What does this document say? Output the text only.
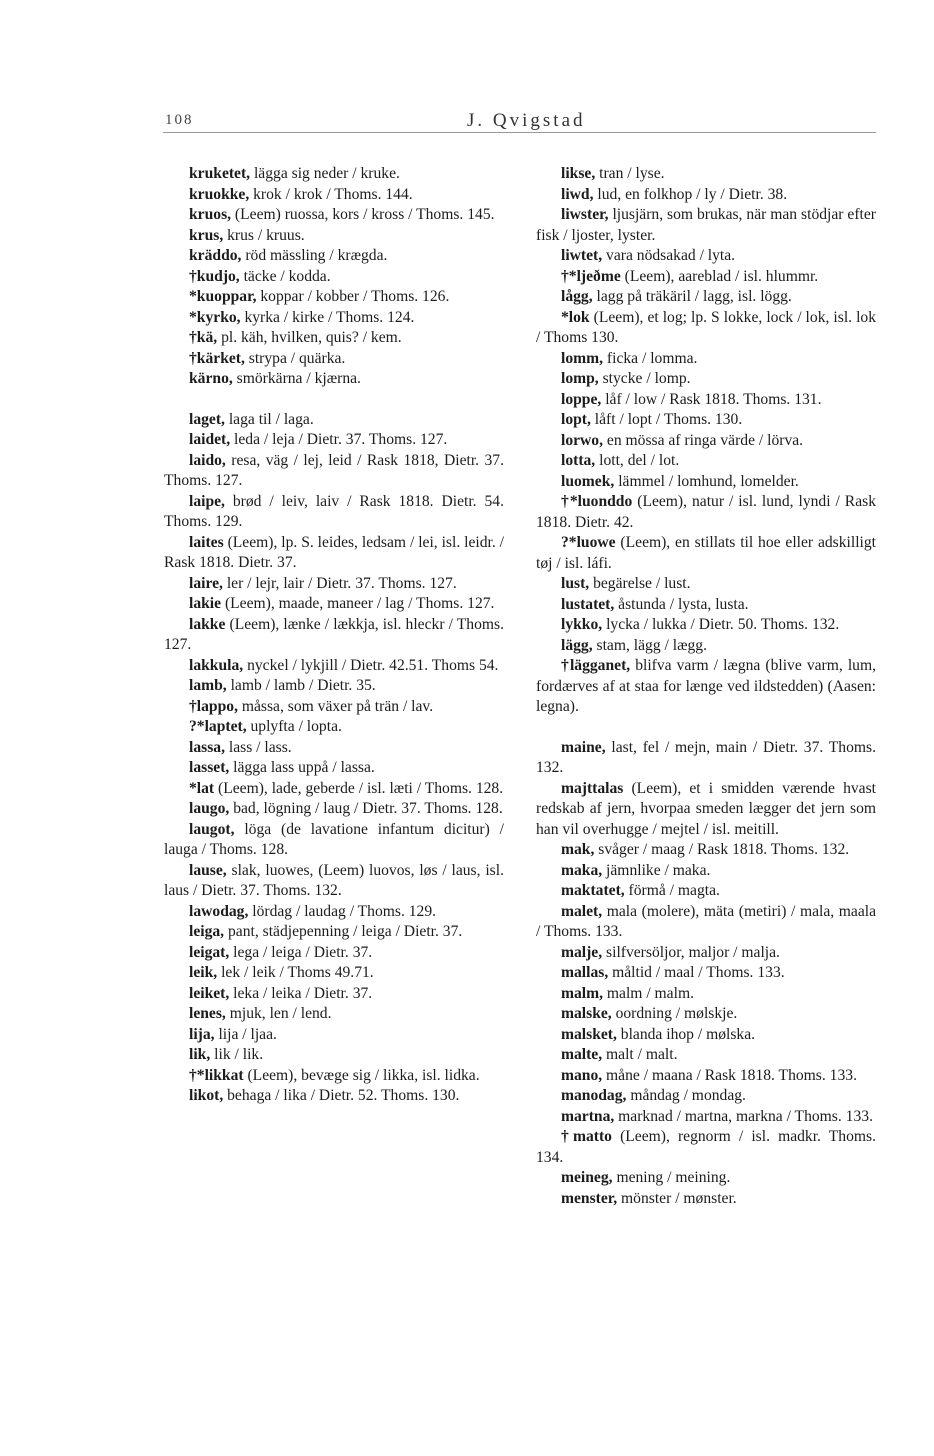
108	J. Qvigstad
kruketet, lägga sig neder / kruke.
kruokke, krok / krok / Thoms. 144.
kruos, (Leem) ruossa, kors / kross / Thoms. 145.
krus, krus / kruus.
kräddo, röd mässling / krægda.
†kudjo, täcke / kodda.
*kuoppar, koppar / kobber / Thoms. 126.
*kyrko, kyrka / kirke / Thoms. 124.
†kä, pl. käh, hvilken, quis? / kem.
†kärket, strypa / quärka.
kärno, smörkärna / kjærna.
laget, laga til / laga.
laidet, leda / leja / Dietr. 37. Thoms. 127.
laido, resa, väg / lej, leid / Rask 1818, Dietr. 37. Thoms. 127.
laipe, brød / leiv, laiv / Rask 1818. Dietr. 54. Thoms. 129.
laites (Leem), lp. S. leides, ledsam / lei, isl. leidr. / Rask 1818. Dietr. 37.
laire, ler / lejr, lair / Dietr. 37. Thoms. 127.
lakie (Leem), maade, maneer / lag / Thoms. 127.
lakke (Leem), lænke / lækkja, isl. hleckr / Thoms. 127.
lakkula, nyckel / lykjill / Dietr. 42.51. Thoms 54.
lamb, lamb / lamb / Dietr. 35.
†lappo, måssa, som växer på trän / lav.
?*laptet, uplyfta / lopta.
lassa, lass / lass.
lasset, lägga lass uppå / lassa.
*lat (Leem), lade, geberde / isl. læti / Thoms. 128.
laugo, bad, lögning / laug / Dietr. 37. Thoms. 128.
laugot, löga (de lavatione infantum dicitur) / lauga / Thoms. 128.
lause, slak, luowes, (Leem) luovos, løs / laus, isl. laus / Dietr. 37. Thoms. 132.
lawodag, lördag / laudag / Thoms. 129.
leiga, pant, städjepenning / leiga / Dietr. 37.
leigat, lega / leiga / Dietr. 37.
leik, lek / leik / Thoms 49.71.
leiket, leka / leika / Dietr. 37.
lenes, mjuk, len / lend.
lija, lija / ljaa.
lik, lik / lik.
†*likkat (Leem), bevæge sig / likka, isl. lidka.
likot, behaga / lika / Dietr. 52. Thoms. 130.
likse, tran / lyse.
liwd, lud, en folkhop / ly / Dietr. 38.
liwster, ljusjärn, som brukas, när man stödjar efter fisk / ljoster, lyster.
liwtet, vara nödsakad / lyta.
†*ljeðme (Leem), aareblad / isl. hlummr.
lågg, lagg på träkäril / lagg, isl. lögg.
*lok (Leem), et log; lp. S lokke, lock / lok, isl. lok / Thoms 130.
lomm, ficka / lomma.
lomp, stycke / lomp.
loppe, låf / low / Rask 1818. Thoms. 131.
lopt, låft / lopt / Thoms. 130.
lorwo, en mössa af ringa värde / lörva.
lotta, lott, del / lot.
luomek, lämmel / lomhund, lomelder.
†*luonddo (Leem), natur / isl. lund, lyndi / Rask 1818. Dietr. 42.
?*luowe (Leem), en stillats til hoe eller adskilligt tøj / isl. láfi.
lust, begärelse / lust.
lustatet, åstunda / lysta, lusta.
lykko, lycka / lukka / Dietr. 50. Thoms. 132.
lägg, stam, lägg / lægg.
†lägganet, blifva varm / lægna (blive varm, lum, fordærves af at staa for længe ved ildstedden) (Aasen: legna).
maine, last, fel / mejn, main / Dietr. 37. Thoms. 132.
majttalas (Leem), et i smidden værende hvast redskab af jern, hvorpaa smeden lægger det jern som han vil overhugge / mejtel / isl. meitill.
mak, svåger / maag / Rask 1818. Thoms. 132.
maka, jämnlike / maka.
maktatet, förmå / magta.
malet, mala (molere), mäta (metiri) / mala, maala / Thoms. 133.
malje, silfversöljor, maljor / malja.
mallas, måltid / maal / Thoms. 133.
malm, malm / malm.
malske, oordning / mølskje.
malsket, blanda ihop / mølska.
malte, malt / malt.
mano, måne / maana / Rask 1818. Thoms. 133.
manodag, måndag / mondag.
martna, marknad / martna, markna / Thoms. 133.
†matto (Leem), regnorm / isl. madkr. Thoms. 134.
meineg, mening / meining.
menster, mönster / mønster.
